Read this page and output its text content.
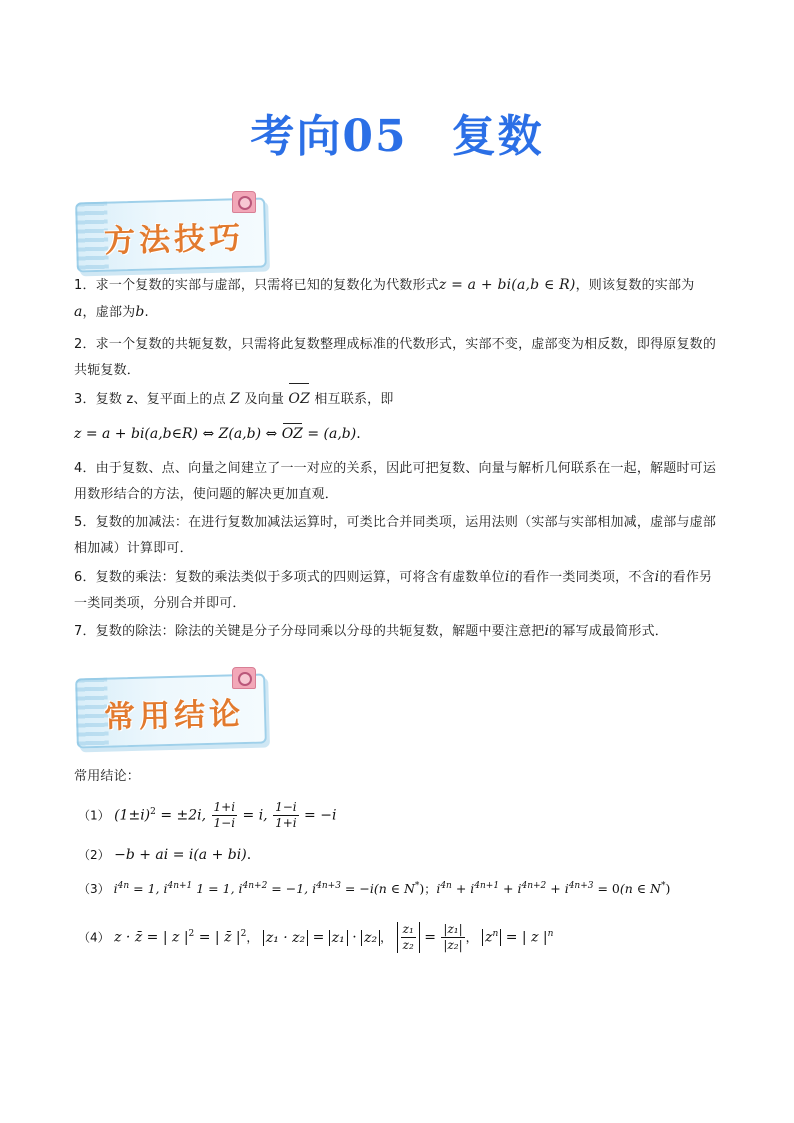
考向05 复数
方法技巧
1．求一个复数的实部与虚部，只需将已知的复数化为代数形式z = a + bi(a,b ∈ R)，则该复数的实部为
a，虚部为b.
2．求一个复数的共轭复数，只需将此复数整理成标准的代数形式，实部不变，虚部变为相反数，即得原复数的共轭复数．
3．复数 z、复平面上的点 Z 及向量 OZ 相互联系，即
z = a + bi(a,b∈R) ⇔ Z(a,b) ⇔ OZ = (a,b).
4．由于复数、点、向量之间建立了一一对应的关系，因此可把复数、向量与解析几何联系在一起，解题时可运用数形结合的方法，使问题的解决更加直观．
5．复数的加减法：在进行复数加减法运算时，可类比合并同类项，运用法则（实部与实部相加减，虚部与虚部相加减）计算即可．
6．复数的乘法：复数的乘法类似于多项式的四则运算，可将含有虚数单位i的看作一类同类项，不含i的看作另一类同类项，分别合并即可．
7．复数的除法：除法的关键是分子分母同乘以分母的共轭复数，解题中要注意把i的幂写成最简形式．
常用结论
常用结论：
（1） $(1\pm i)^2 = \pm 2i$, $\frac{1+i}{1-i} = i$, $\frac{1-i}{1+i} = -i$
（2） −b + ai = i(a + bi).
（3） $i^{4n} = 1$, $i^{4n+1}$ 1 = 1, $i^{4n+2} = -1$, $i^{4n+3} = -i(n$ ∈ N*)；$i^{4n} + i^{4n+1} + i^{4n+2} + i^{4n+3} = 0(n$ ∈ N*)
（4） z · z̄ = | z $|^2$ = | z̄ $|^2$， z₁ · z₂ = z₁ · z₂ ， $\frac{\text{z₁}}{\text{z₂}} = \frac{\text{|z₁|}}{\text{|z₂|}}$ ， $z^n$ = | z $|^n$
